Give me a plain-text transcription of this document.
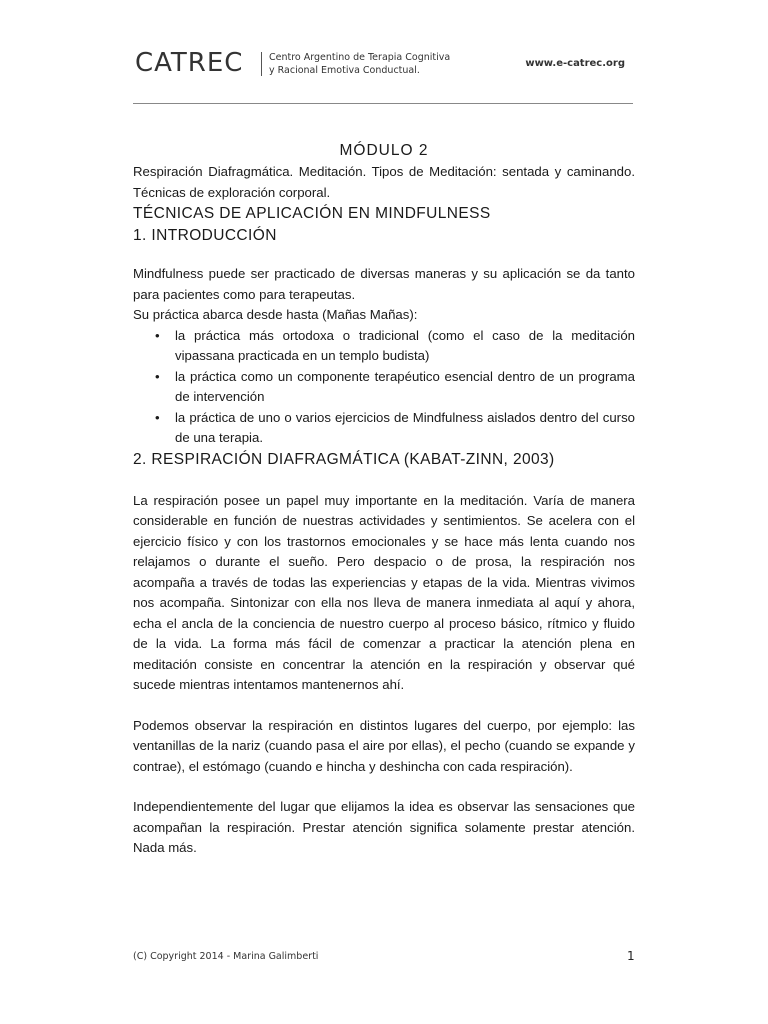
CATREC	Centro Argentino de Terapia Cognitiva
y Racional Emotiva Conductual.
www.e-catrec.org

MÓDULO 2

Respiración Diafragmática. Meditación. Tipos de Meditación: sentada y caminando. Técnicas de exploración corporal.

TÉCNICAS DE APLICACIÓN EN MINDFULNESS

1. INTRODUCCIÓN

Mindfulness puede ser practicado de diversas maneras y su aplicación se da tanto para pacientes como para terapeutas.

Su práctica abarca desde hasta (Mañas Mañas):

• la práctica más ortodoxa o tradicional (como el caso de la meditación vipassana practicada en un templo budista)
• la práctica como un componente terapéutico esencial dentro de un programa de intervención
• la práctica de uno o varios ejercicios de Mindfulness aislados dentro del curso de una terapia.

2. RESPIRACIÓN DIAFRAGMÁTICA (KABAT-ZINN, 2003)

La respiración posee un papel muy importante en la meditación. Varía de manera considerable en función de nuestras actividades y sentimientos. Se acelera con el ejercicio físico y con los trastornos emocionales y se hace más lenta cuando nos relajamos o durante el sueño. Pero despacio o de prosa, la respiración nos acompaña a través de todas las experiencias y etapas de la vida. Mientras vivimos nos acompaña. Sintonizar con ella nos lleva de manera inmediata al aquí y ahora, echa el ancla de la conciencia de nuestro cuerpo al proceso básico, rítmico y fluido de la vida. La forma más fácil de comenzar a practicar la atención plena en meditación consiste en concentrar la atención en la respiración y observar qué sucede mientras intentamos mantenernos ahí.

Podemos observar la respiración en distintos lugares del cuerpo, por ejemplo: las ventanillas de la nariz (cuando pasa el aire por ellas), el pecho (cuando se expande y contrae), el estómago (cuando e hincha y deshincha con cada respiración).

Independientemente del lugar que elijamos la idea es observar las sensaciones que acompañan la respiración. Prestar atención significa solamente prestar atención. Nada más.

(C) Copyright 2014 - Marina Galimberti	1
